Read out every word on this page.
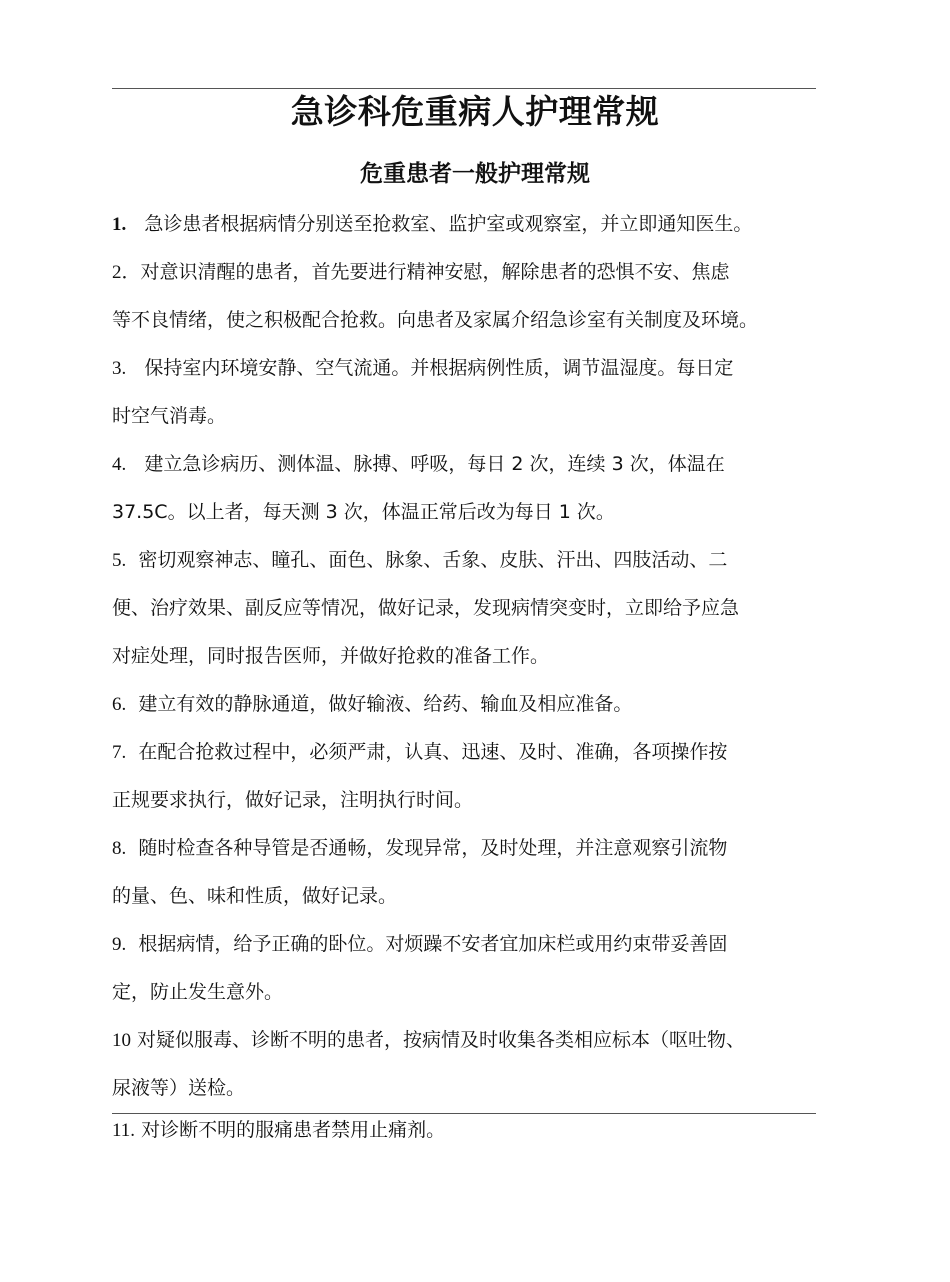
急诊科危重病人护理常规
危重患者一般护理常规
1. 急诊患者根据病情分别送至抢救室、监护室或观察室，并立即通知医生。
2．对意识清醒的患者，首先要进行精神安慰，解除患者的恐惧不安、焦虑
等不良情绪，使之积极配合抢救。向患者及家属介绍急诊室有关制度及环境。
3. 保持室内环境安静、空气流通。并根据病例性质，调节温湿度。每日定
时空气消毒。
4. 建立急诊病历、测体温、脉搏、呼吸，每日 2 次，连续 3 次，体温在
37.5C。以上者，每天测 3 次，体温正常后改为每日 1 次。
5. 密切观察神志、瞳孔、面色、脉象、舌象、皮肤、汗出、四肢活动、二
便、治疗效果、副反应等情况，做好记录，发现病情突变时，立即给予应急
对症处理，同时报告医师，并做好抢救的准备工作。
6. 建立有效的静脉通道，做好输液、给药、输血及相应准备。
7. 在配合抢救过程中，必须严肃，认真、迅速、及时、准确，各项操作按
正规要求执行，做好记录，注明执行时间。
8. 随时检查各种导管是否通畅，发现异常，及时处理，并注意观察引流物
的量、色、味和性质，做好记录。
9. 根据病情，给予正确的卧位。对烦躁不安者宜加床栏或用约束带妥善固
定，防止发生意外。
10 对疑似服毒、诊断不明的患者，按病情及时收集各类相应标本（呕吐物、
尿液等）送检。
11. 对诊断不明的服痛患者禁用止痛剂。
